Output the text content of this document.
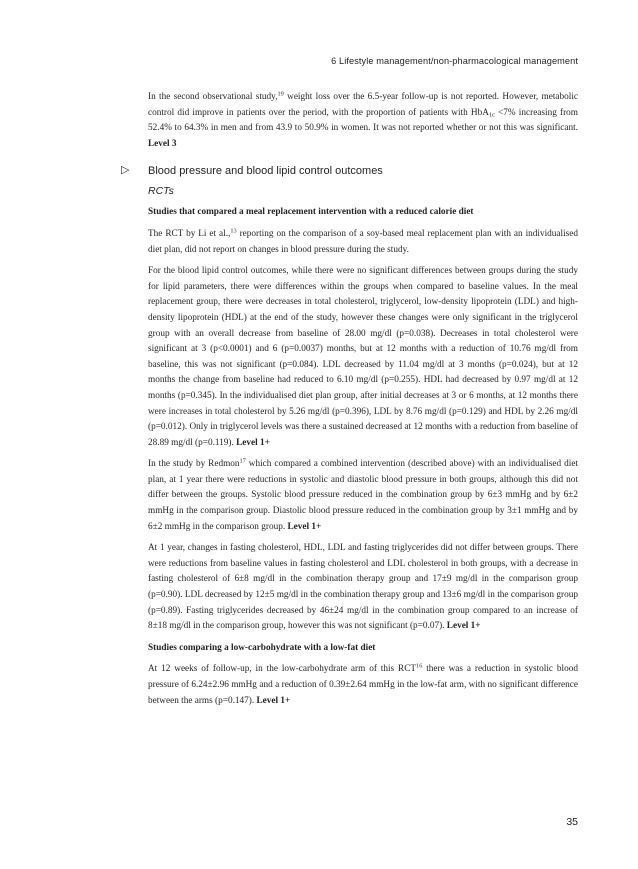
6 Lifestyle management/non-pharmacological management

In the second observational study,$^{19}$ weight loss over the 6.5-year follow-up is not reported. However, metabolic control did improve in patients over the period, with the proportion of patients with HbA$_{1c}$ <7% increasing from 52.4% to 64.3% in men and from 43.9 to 50.9% in women. It was not reported whether or not this was significant. Level 3

▷ Blood pressure and blood lipid control outcomes
RCTs

Studies that compared a meal replacement intervention with a reduced calorie diet

The RCT by Li et al.,$^{13}$ reporting on the comparison of a soy-based meal replacement plan with an individualised diet plan, did not report on changes in blood pressure during the study.

For the blood lipid control outcomes, while there were no significant differences between groups during the study for lipid parameters, there were differences within the groups when compared to baseline values. In the meal replacement group, there were decreases in total cholesterol, triglycerol, low-density lipoprotein (LDL) and high-density lipoprotein (HDL) at the end of the study, however these changes were only significant in the triglycerol group with an overall decrease from baseline of 28.00 mg/dl (p=0.038). Decreases in total cholesterol were significant at 3 (p<0.0001) and 6 (p=0.0037) months, but at 12 months with a reduction of 10.76 mg/dl from baseline, this was not significant (p=0.084). LDL decreased by 11.04 mg/dl at 3 months (p=0.024), but at 12 months the change from baseline had reduced to 6.10 mg/dl (p=0.255). HDL had decreased by 0.97 mg/dl at 12 months (p=0.345). In the individualised diet plan group, after initial decreases at 3 or 6 months, at 12 months there were increases in total cholesterol by 5.26 mg/dl (p=0.396), LDL by 8.76 mg/dl (p=0.129) and HDL by 2.26 mg/dl (p=0.012). Only in triglycerol levels was there a sustained decreased at 12 months with a reduction from baseline of 28.89 mg/dl (p=0.119). Level 1+

In the study by Redmon$^{17}$ which compared a combined intervention (described above) with an individualised diet plan, at 1 year there were reductions in systolic and diastolic blood pressure in both groups, although this did not differ between the groups. Systolic blood pressure reduced in the combination group by 6±3 mmHg and by 6±2 mmHg in the comparison group. Diastolic blood pressure reduced in the combination group by 3±1 mmHg and by 6±2 mmHg in the comparison group. Level 1+

At 1 year, changes in fasting cholesterol, HDL, LDL and fasting triglycerides did not differ between groups. There were reductions from baseline values in fasting cholesterol and LDL cholesterol in both groups, with a decrease in fasting cholesterol of 6±8 mg/dl in the combination therapy group and 17±9 mg/dl in the comparison group (p=0.90). LDL decreased by 12±5 mg/dl in the combination therapy group and 13±6 mg/dl in the comparison group (p=0.89). Fasting triglycerides decreased by 46±24 mg/dl in the combination group compared to an increase of 8±18 mg/dl in the comparison group, however this was not significant (p=0.07). Level 1+

Studies comparing a low-carbohydrate with a low-fat diet

At 12 weeks of follow-up, in the low-carbohydrate arm of this RCT$^{16}$ there was a reduction in systolic blood pressure of 6.24±2.96 mmHg and a reduction of 0.39±2.64 mmHg in the low-fat arm, with no significant difference between the arms (p=0.147). Level 1+

35
